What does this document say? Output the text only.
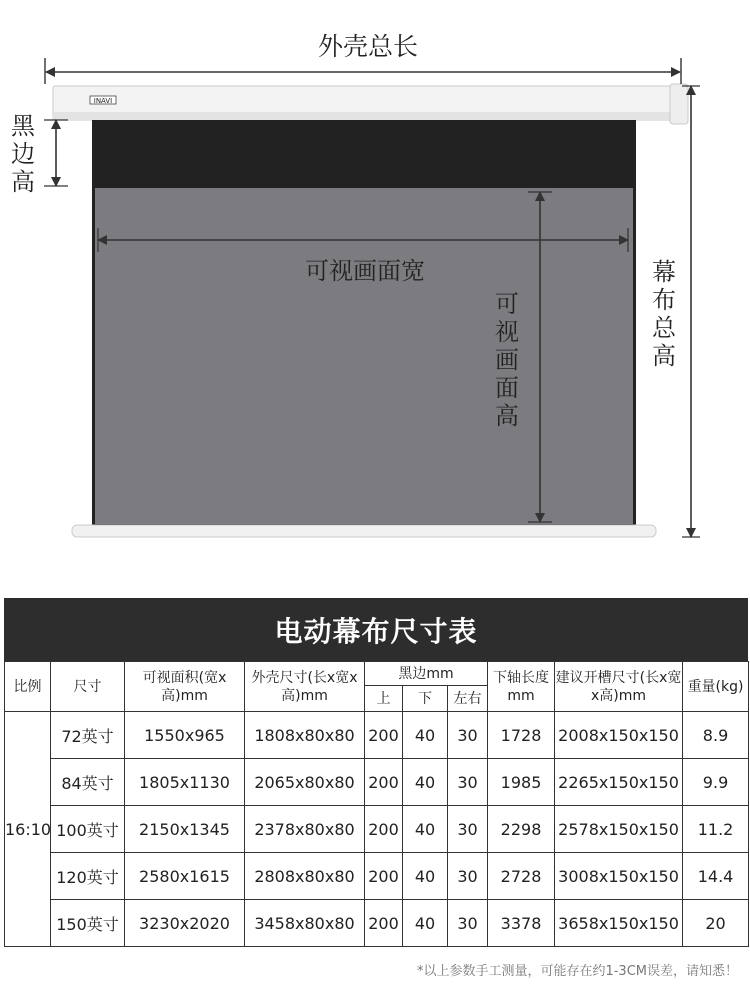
INAVI
外壳总长
黑边高
可视画面宽
可视画面高
幕布总高
电动幕布尺寸表
比例	尺寸	可视面积(宽x高)mm	外壳尺寸(长x宽x高)mm	黑边mm			下轴长度mm	建议开槽尺寸(长x宽x高)mm	重量(kg)
				上	下	左右			
16:10	72英寸	1550x965	1808x80x80	200	40	30	1728	2008x150x150	8.9
	84英寸	1805x1130	2065x80x80	200	40	30	1985	2265x150x150	9.9
	100英寸	2150x1345	2378x80x80	200	40	30	2298	2578x150x150	11.2
	120英寸	2580x1615	2808x80x80	200	40	30	2728	3008x150x150	14.4
	150英寸	3230x2020	3458x80x80	200	40	30	3378	3658x150x150	20
*以上参数手工测量，可能存在约1-3CM误差，请知悉！
